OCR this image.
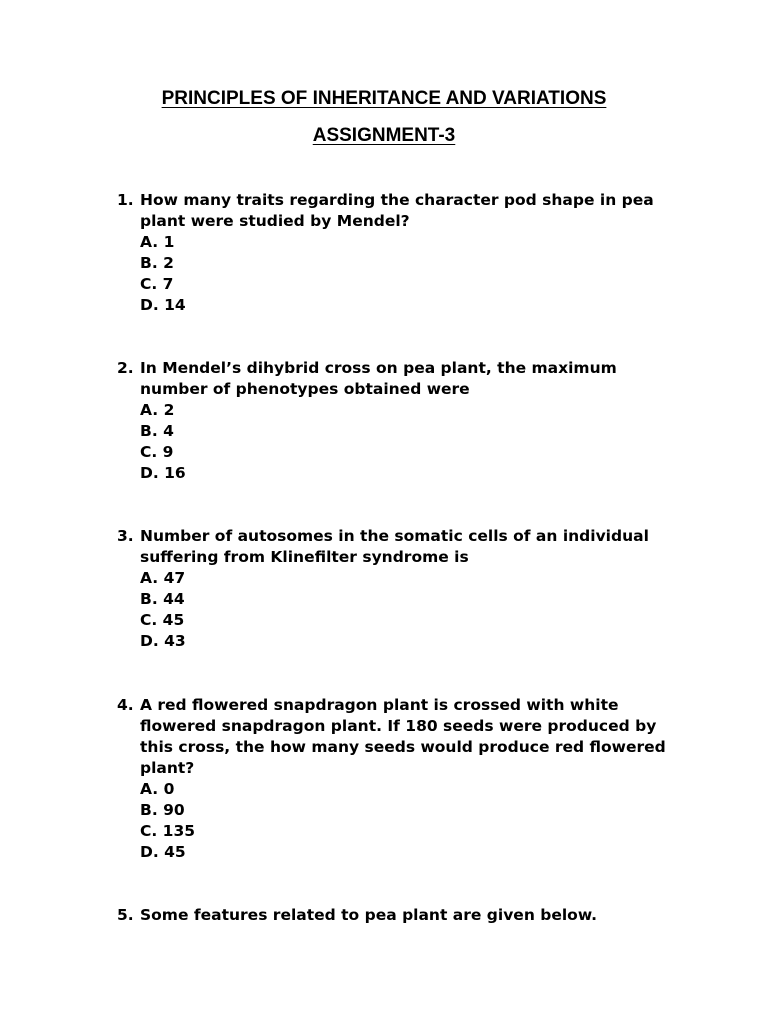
PRINCIPLES OF INHERITANCE AND VARIATIONS
ASSIGNMENT-3
1. How many traits regarding the character pod shape in pea plant were studied by Mendel?
A. 1
B. 2
C. 7
D. 14
2. In Mendel’s dihybrid cross on pea plant, the maximum number of phenotypes obtained were
A. 2
B. 4
C. 9
D. 16
3. Number of autosomes in the somatic cells of an individual suffering from Klinefilter syndrome is
A. 47
B. 44
C. 45
D. 43
4. A red flowered snapdragon plant is crossed with white flowered snapdragon plant. If 180 seeds were produced by this cross, the how many seeds would produce red flowered plant?
A. 0
B. 90
C. 135
D. 45
5. Some features related to pea plant are given below.
